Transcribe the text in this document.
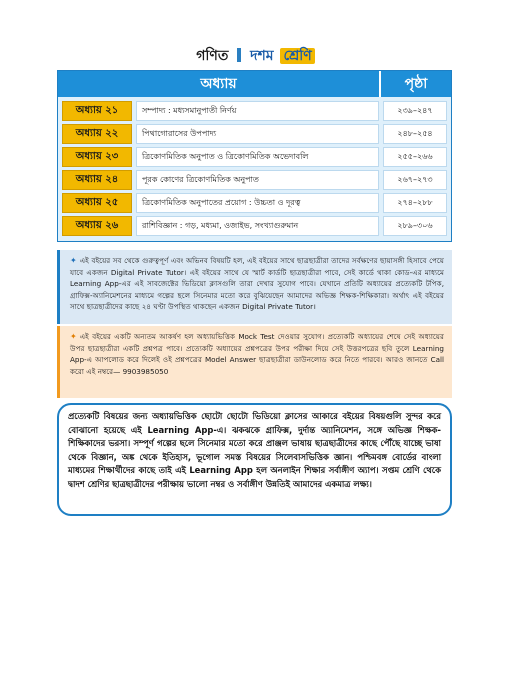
গণিত দশম শ্রেণি
অধ্যায়	পৃষ্ঠা
অধ্যায় ২১	সম্পাদ্য : মধ্যসমানুপাতী নির্ণয়	২৩৯–২৪৭
অধ্যায় ২২	পিথাগোরাসের উপপাদ্য	২৪৮–২৫৪
অধ্যায় ২৩	ত্রিকোণমিতিক অনুপাত ও ত্রিকোণমিতিক অভেদাবলি	২৫৫–২৬৬
অধ্যায় ২৪	পূরক কোণের ত্রিকোণমিতিক অনুপাত	২৬৭–২৭৩
অধ্যায় ২৫	ত্রিকোণমিতিক অনুপাতের প্রয়োগ : উচ্চতা ও দূরত্ব	২৭৪–২৮৮
অধ্যায় ২৬	রাশিবিজ্ঞান : গড়, মধ্যমা, ওজাইভ, সংখ্যাগুরুমান	২৮৯–৩০৬
✦ এই বইয়ের সব থেকে গুরুত্বপূর্ণ এবং অভিনব বিষয়টি হল, এই বইয়ের সাথে ছাত্রছাত্রীরা তাদের সর্বক্ষণের ছায়াসঙ্গী হিসাবে পেয়ে যাবে একজন Digital Private Tutor। এই বইয়ের সাথে যে স্মার্ট কার্ডটি ছাত্রছাত্রীরা পাবে, সেই কার্ডে থাকা কোড-এর মাধ্যমে Learning App-এর এই সাবজেক্টের ভিডিয়ো ক্লাসগুলি তারা দেখার সুযোগ পাবে। যেখানে প্রতিটি অধ্যায়ের প্রত্যেকটি টপিক, গ্রাফিক্স-অ্যানিমেশনের মাধ্যমে গল্পের ছলে সিনেমার মতো করে বুঝিয়েছেন আমাদের অভিজ্ঞ শিক্ষক-শিক্ষিকারা। অর্থাৎ এই বইয়ের সাথে ছাত্রছাত্রীদের কাছে ২৪ ঘণ্টা উপস্থিত থাকছেন একজন Digital Private Tutor।
✦ এই বইয়ের একটি অন্যতম আকর্ষণ হল অধ্যায়ভিত্তিক Mock Test দেওয়ার সুযোগ। প্রত্যেকটি অধ্যায়ের শেষে সেই অধ্যায়ের উপর ছাত্রছাত্রীরা একটি প্রশ্নপত্র পাবে। প্রত্যেকটি অধ্যায়ের প্রশ্নপত্রের উপর পরীক্ষা দিয়ে সেই উত্তরপত্রের ছবি তুলে Learning App-এ আপলোড করে দিলেই ওই প্রশ্নপত্রের Model Answer ছাত্রছাত্রীরা ডাউনলোড করে নিতে পারবে। আরও জানতে Call করো এই নম্বরে— 9903985050
প্রত্যেকটি বিষয়ের জন্য অধ্যায়ভিত্তিক ছোটো ছোটো ভিডিয়ো ক্লাসের আকারে বইয়ের বিষয়গুলি সুন্দর করে বোঝানো হয়েছে এই Learning App-এ। ঝকঝকে গ্রাফিক্স, দুর্দান্ত অ্যানিমেশন, সঙ্গে অভিজ্ঞ শিক্ষক-শিক্ষিকাদের ভরসা। সম্পূর্ণ গল্পের ছলে সিনেমার মতো করে প্রাঞ্জল ভাষায় ছাত্রছাত্রীদের কাছে পৌঁছে যাচ্ছে ভাষা থেকে বিজ্ঞান, অঙ্ক থেকে ইতিহাস, ভূগোল সমস্ত বিষয়ের সিলেবাসভিত্তিক জ্ঞান। পশ্চিমবঙ্গ বোর্ডের বাংলা মাধ্যমের শিক্ষার্থীদের কাছে তাই এই Learning App হল অনলাইন শিক্ষার সর্বাঙ্গীণ অ্যাপ। সপ্তম শ্রেণি থেকে দ্বাদশ শ্রেণির ছাত্রছাত্রীদের পরীক্ষায় ভালো নম্বর ও সর্বাঙ্গীণ উন্নতিই আমাদের একমাত্র লক্ষ্য।
